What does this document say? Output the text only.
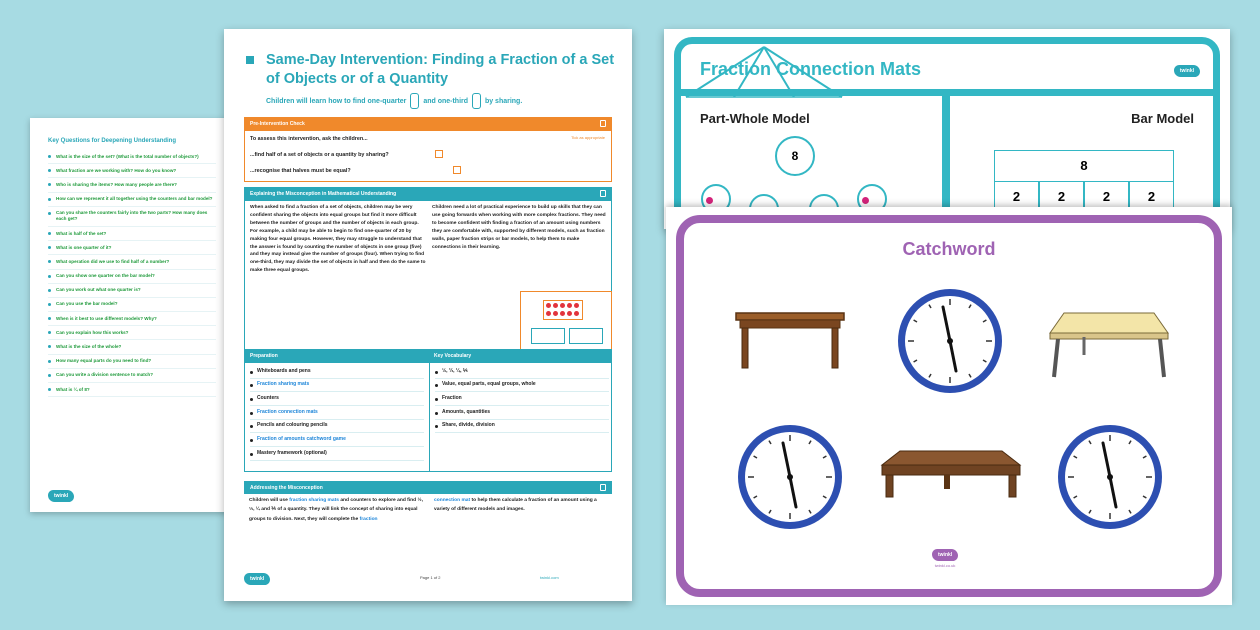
Key Questions for Deepening Understanding
What is the size of the set? (What is the total number of objects?)
What fraction are we working with? How do you know?
Who is sharing the items? How many people are there?
How can we represent it all together using the counters and bar model?
Can you share the counters fairly into the two parts? How many does each get?
What is half of the set?
What is one quarter of it?
What operation did we use to find half of a number?
Can you show one quarter on the bar model?
Can you work out what one quarter is?
Can you use the bar model?
When is it best to use different models? Why?
Can you explain how this works?
What is the size of the whole?
How many equal parts do you need to find?
Can you write a division sentence to match?
What is ¼ of 8?
twinkl
Same-Day Intervention: Finding a Fraction of a Set of Objects or of a Quantity
Children will learn how to find one-quarter and one-third by sharing.
Pre-Intervention Check
To assess this intervention, ask the children...	Tick as appropriate
...find half of a set of objects or a quantity by sharing?
...recognise that halves must be equal?
Explaining the Misconception in Mathematical Understanding
When asked to find a fraction of a set of objects, children may be very confident sharing the objects into equal groups but find it more difficult between the number of groups and the number of objects in each group. For example, a child may be able to begin to find one-quarter of 20 by making four equal groups. However, they may struggle to understand that the answer is found by counting the number of objects in one group (five) and they may instead give the number of groups (four). When trying to find one-third, they may divide the set of objects in half and then do the same to make three equal groups.
Children need a lot of practical experience to build up skills that they can use going forwards when working with more complex fractions. They need to become confident with finding a fraction of an amount using numbers they are comfortable with, supported by different models, such as fraction walls, paper fraction strips or bar models, to help them to make connections in their learning.
Preparation	Key Vocabulary
Whiteboards and pens
Fraction sharing mats
Counters
Fraction connection mats
Pencils and colouring pencils
Fraction of amounts catchword game
Mastery framework (optional)
½, ⅓, ¼, ⅕
Value, equal parts, equal groups, whole
Fraction
Amounts, quantities
Share, divide, division
Addressing the Misconception
Children will use fraction sharing mats and counters to explore and find ½, ⅓, ¼ and ⅕ of a quantity. They will link the concept of sharing into equal groups to division. Next, they will complete the fraction
connection mat to help them calculate a fraction of an amount using a variety of different models and images.
twinkl	Page 1 of 2	twinkl.com
Fraction Connection Mats	twinkl
Part-Whole Model	Bar Model
8
8
2	2	2	2
Catchword
twinkl
twinkl.co.uk
